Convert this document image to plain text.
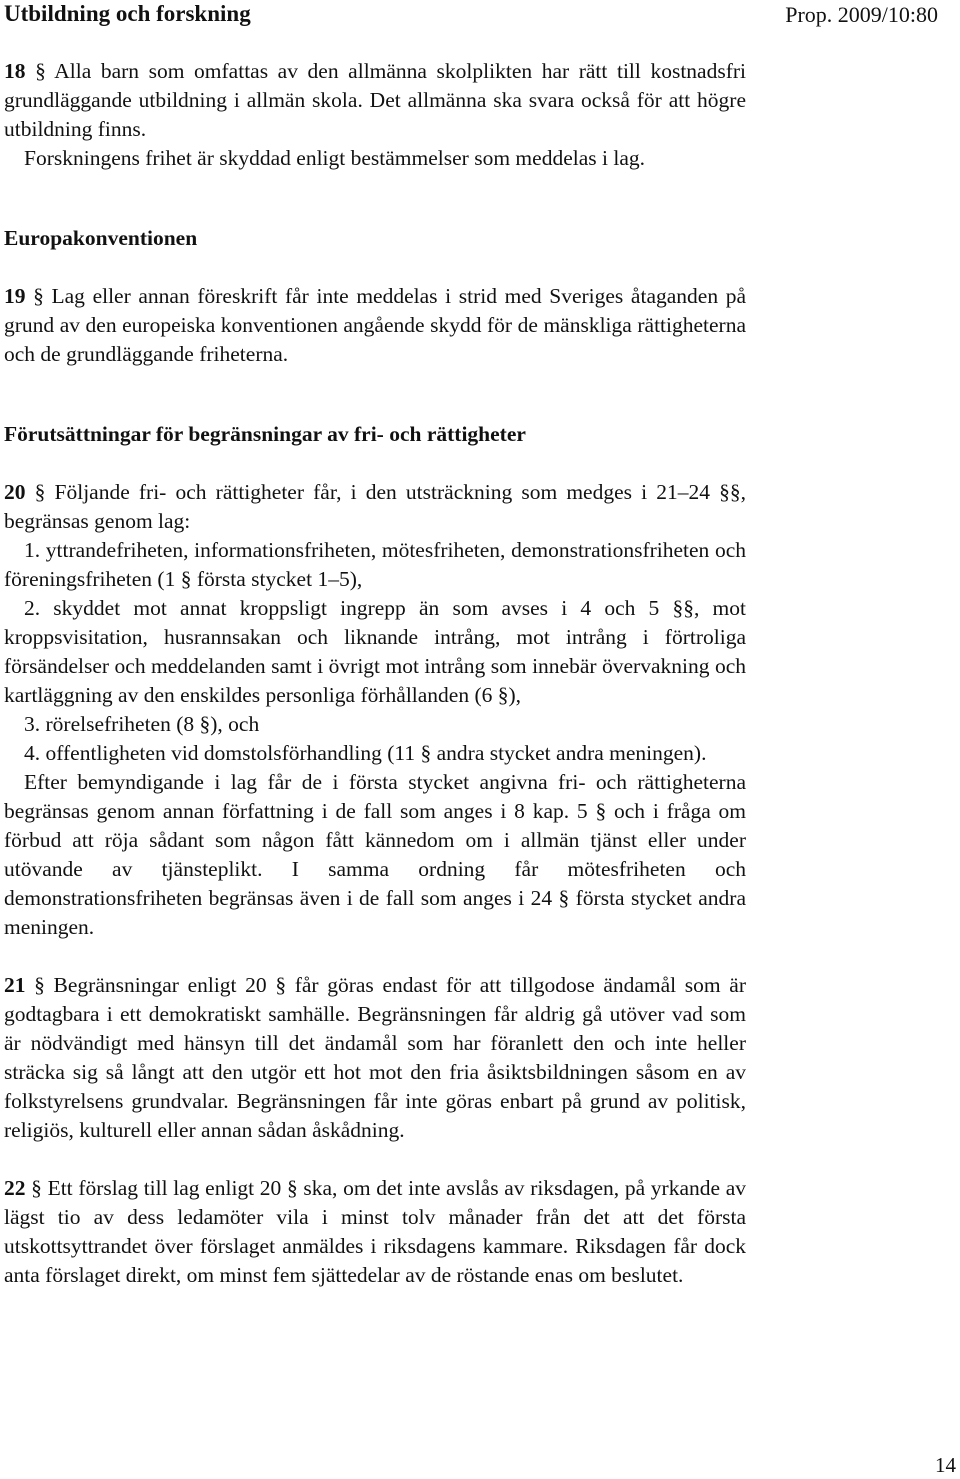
Utbildning och forskning	Prop. 2009/10:80

18 § Alla barn som omfattas av den allmänna skolplikten har rätt till kostnadsfri grundläggande utbildning i allmän skola. Det allmänna ska svara också för att högre utbildning finns.

Forskningens frihet är skyddad enligt bestämmelser som meddelas i lag.

Europakonventionen

19 § Lag eller annan föreskrift får inte meddelas i strid med Sveriges åtaganden på grund av den europeiska konventionen angående skydd för de mänskliga rättigheterna och de grundläggande friheterna.

Förutsättningar för begränsningar av fri- och rättigheter

20 § Följande fri- och rättigheter får, i den utsträckning som medges i 21–24 §§, begränsas genom lag:

1. yttrandefriheten, informationsfriheten, mötesfriheten, demonstrationsfriheten och föreningsfriheten (1 § första stycket 1–5),

2. skyddet mot annat kroppsligt ingrepp än som avses i 4 och 5 §§, mot kroppsvisitation, husrannsakan och liknande intrång, mot intrång i förtroliga försändelser och meddelanden samt i övrigt mot intrång som innebär övervakning och kartläggning av den enskildes personliga förhållanden (6 §),

3. rörelsefriheten (8 §), och

4. offentligheten vid domstolsförhandling (11 § andra stycket andra meningen).

Efter bemyndigande i lag får de i första stycket angivna fri- och rättigheterna begränsas genom annan författning i de fall som anges i 8 kap. 5 § och i fråga om förbud att röja sådant som någon fått kännedom om i allmän tjänst eller under utövande av tjänsteplikt. I samma ordning får mötesfriheten och demonstrationsfriheten begränsas även i de fall som anges i 24 § första stycket andra meningen.

21 § Begränsningar enligt 20 § får göras endast för att tillgodose ändamål som är godtagbara i ett demokratiskt samhälle. Begränsningen får aldrig gå utöver vad som är nödvändigt med hänsyn till det ändamål som har föranlett den och inte heller sträcka sig så långt att den utgör ett hot mot den fria åsiktsbildningen såsom en av folkstyrelsens grundvalar. Begränsningen får inte göras enbart på grund av politisk, religiös, kulturell eller annan sådan åskådning.

22 § Ett förslag till lag enligt 20 § ska, om det inte avslås av riksdagen, på yrkande av lägst tio av dess ledamöter vila i minst tolv månader från det att det första utskottsyttrandet över förslaget anmäldes i riksdagens kammare. Riksdagen får dock anta förslaget direkt, om minst fem sjättedelar av de röstande enas om beslutet.

14
